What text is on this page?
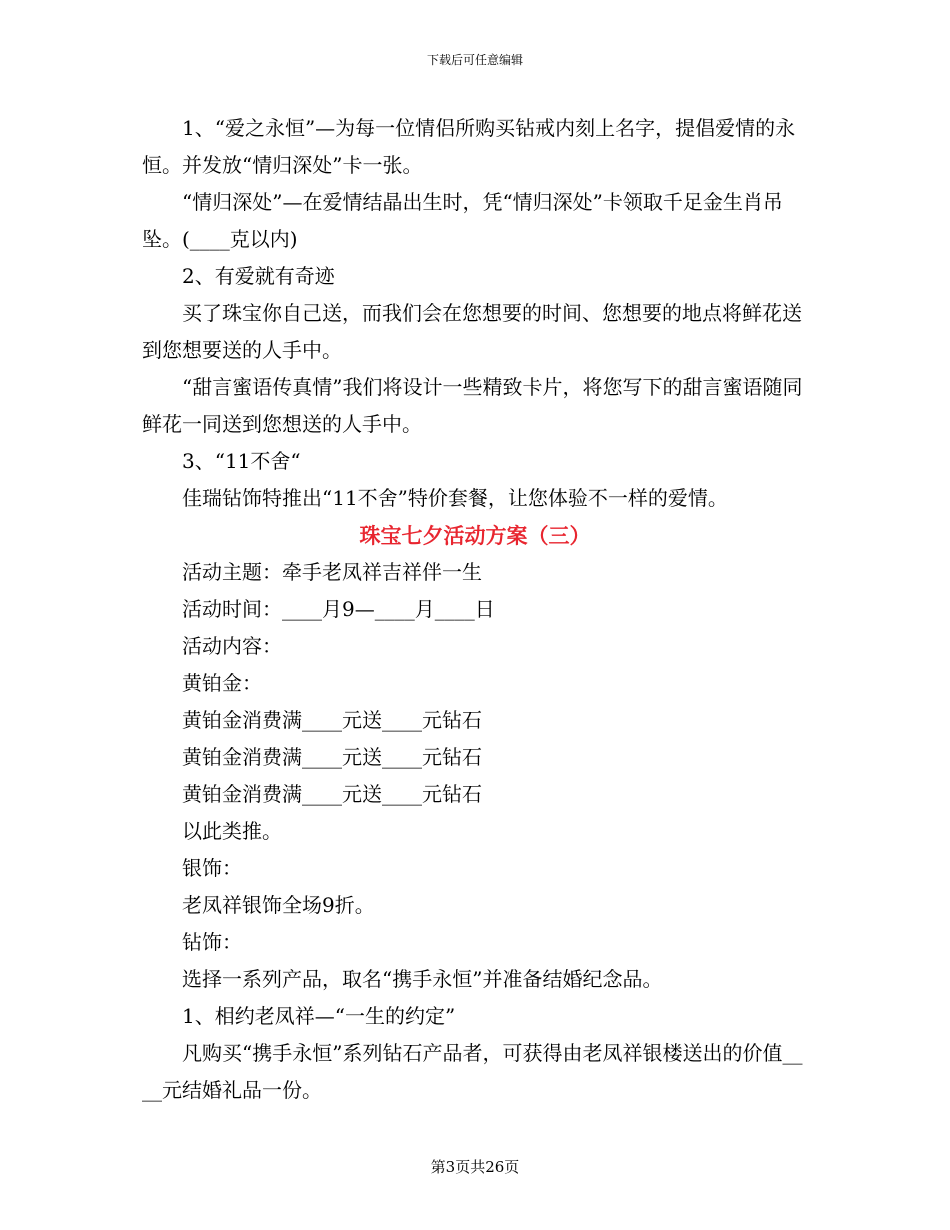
下载后可任意编辑

1、“爱之永恒”—为每一位情侣所购买钻戒内刻上名字，提倡爱情的永恒。并发放“情归深处”卡一张。

“情归深处”—在爱情结晶出生时，凭“情归深处”卡领取千足金生肖吊坠。(____克以内)

2、有爱就有奇迹

买了珠宝你自己送，而我们会在您想要的时间、您想要的地点将鲜花送到您想要送的人手中。

“甜言蜜语传真情”我们将设计一些精致卡片，将您写下的甜言蜜语随同鲜花一同送到您想送的人手中。

3、“11不舍“

佳瑞钻饰特推出“11不舍”特价套餐，让您体验不一样的爱情。

珠宝七夕活动方案（三）

活动主题：牵手老凤祥吉祥伴一生

活动时间：____月9—____月____日

活动内容：

黄铂金：

黄铂金消费满____元送____元钻石

黄铂金消费满____元送____元钻石

黄铂金消费满____元送____元钻石

以此类推。

银饰：

老凤祥银饰全场9折。

钻饰：

选择一系列产品，取名“携手永恒”并准备结婚纪念品。

1、相约老凤祥—“一生的约定”

凡购买“携手永恒”系列钻石产品者，可获得由老凤祥银楼送出的价值____元结婚礼品一份。

第3页共26页
